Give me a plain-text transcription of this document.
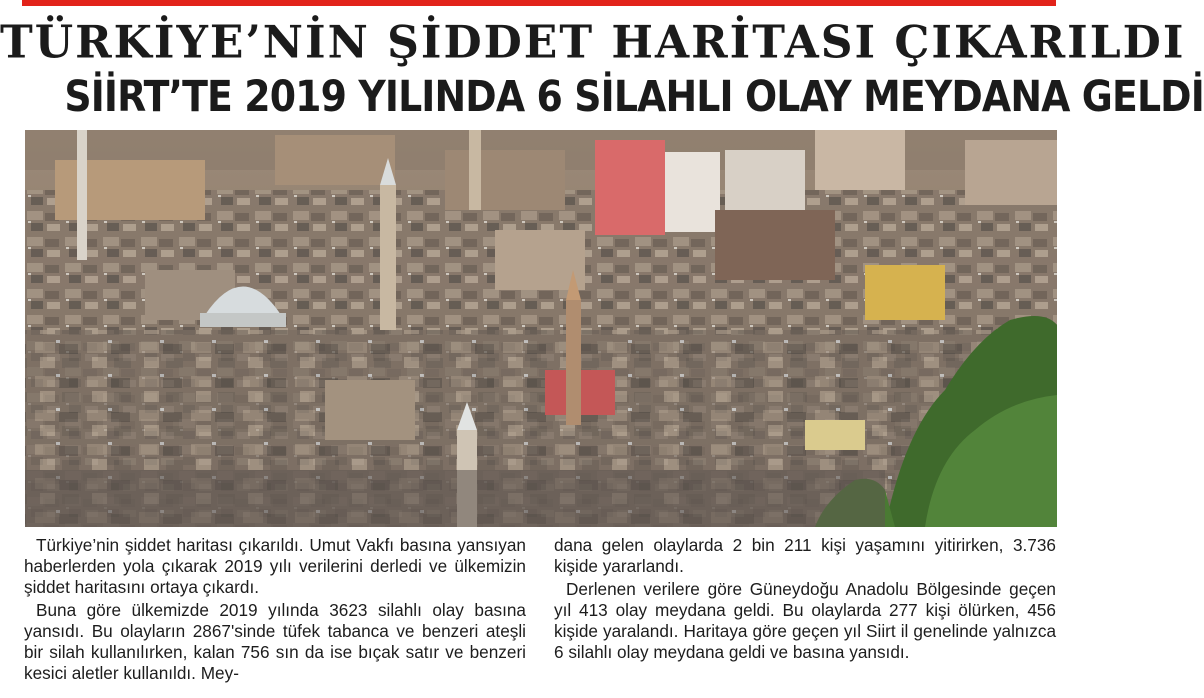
TÜRKİYE’NİN ŞİDDET HARİTASI ÇIKARILDI
SİİRT’TE 2019 YILINDA 6 SİLAHLI OLAY MEYDANA GELDİ

Türkiye’nin şiddet haritası çıkarıldı. Umut Vakfı basına yansıyan haberlerden yola çıkarak 2019 yılı verilerini derledi ve ülkemizin şiddet haritasını ortaya çıkardı.

Buna göre ülkemizde 2019 yılında 3623 silahlı olay basına yansıdı. Bu olayların 2867'sinde tüfek tabanca ve benzeri ateşli bir silah kullanılırken, kalan 756 sın da ise bıçak satır ve benzeri kesici aletler kullanıldı. Mey-

dana gelen olaylarda 2 bin 211 kişi yaşamını yitirirken, 3.736 kişide yararlandı.

Derlenen verilere göre Güneydoğu Anadolu Bölgesinde geçen yıl 413 olay meydana geldi. Bu olaylarda 277 kişi ölürken, 456 kişide yaralandı. Haritaya göre geçen yıl Siirt il genelinde yalnızca 6 silahlı olay meydana geldi ve basına yansıdı.
